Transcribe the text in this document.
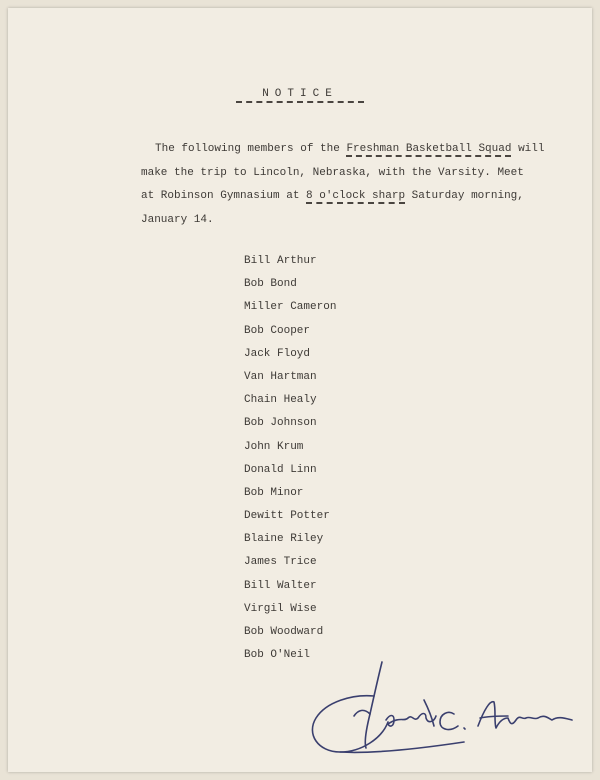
NOTICE
The following members of the Freshman Basketball Squad will
make the trip to Lincoln, Nebraska, with the Varsity. Meet
at Robinson Gymnasium at 8 o'clock sharp Saturday morning,
January 14.
Bill Arthur
Bob Bond
Miller Cameron
Bob Cooper
Jack Floyd
Van Hartman
Chain Healy
Bob Johnson
John Krum
Donald Linn
Bob Minor
Dewitt Potter
Blaine Riley
James Trice
Bill Walter
Virgil Wise
Bob Woodward
Bob O'Neil
